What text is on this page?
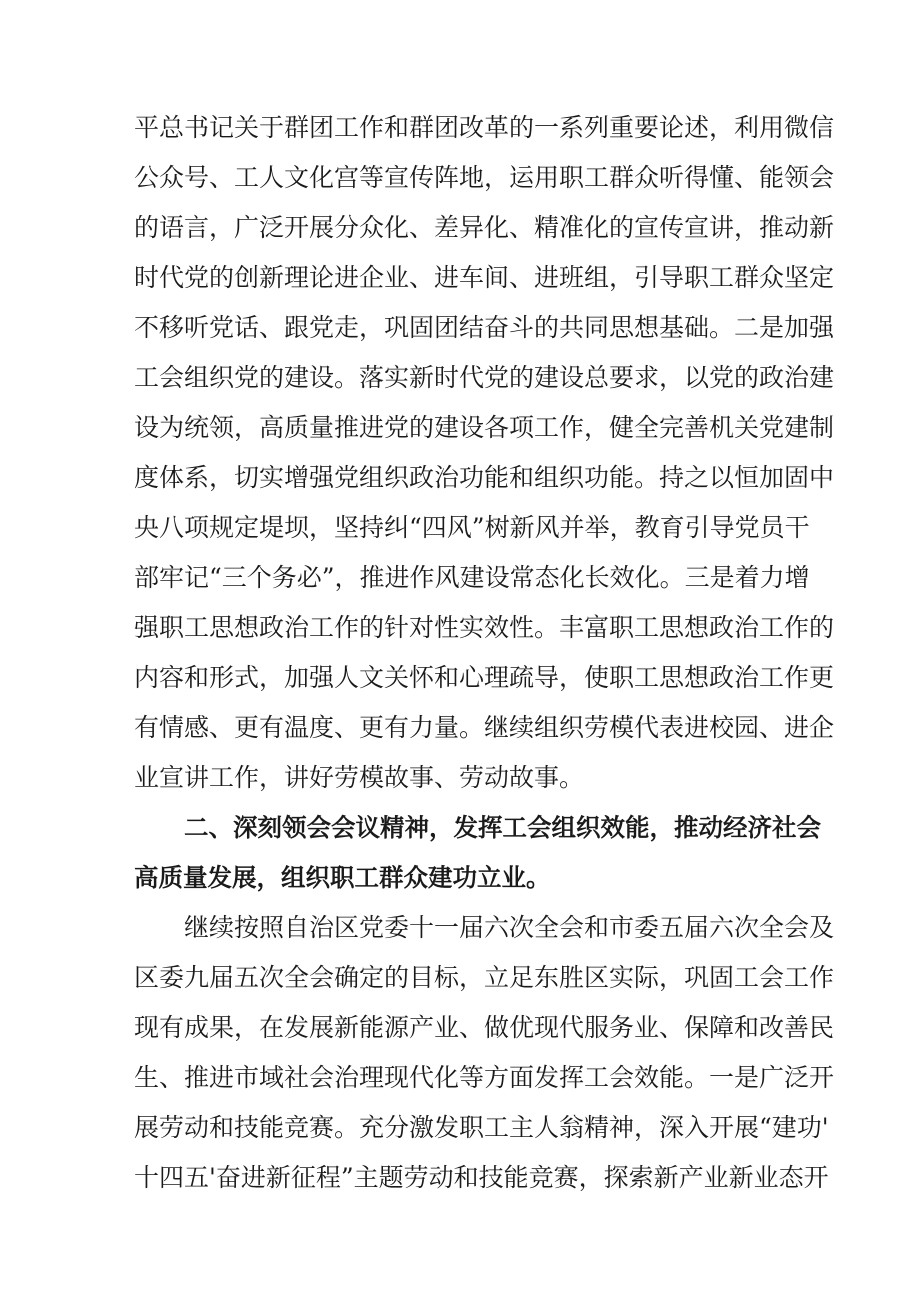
平总书记关于群团工作和群团改革的一系列重要论述，利用微信
公众号、工人文化宫等宣传阵地，运用职工群众听得懂、能领会
的语言，广泛开展分众化、差异化、精准化的宣传宣讲，推动新
时代党的创新理论进企业、进车间、进班组，引导职工群众坚定
不移听党话、跟党走，巩固团结奋斗的共同思想基础。二是加强
工会组织党的建设。落实新时代党的建设总要求，以党的政治建
设为统领，高质量推进党的建设各项工作，健全完善机关党建制
度体系，切实增强党组织政治功能和组织功能。持之以恒加固中
央八项规定堤坝，坚持纠“四风”树新风并举，教育引导党员干
部牢记“三个务必”，推进作风建设常态化长效化。三是着力增
强职工思想政治工作的针对性实效性。丰富职工思想政治工作的
内容和形式，加强人文关怀和心理疏导，使职工思想政治工作更
有情感、更有温度、更有力量。继续组织劳模代表进校园、进企
业宣讲工作，讲好劳模故事、劳动故事。
二、深刻领会会议精神，发挥工会组织效能，推动经济社会
高质量发展，组织职工群众建功立业。
继续按照自治区党委十一届六次全会和市委五届六次全会及
区委九届五次全会确定的目标，立足东胜区实际，巩固工会工作
现有成果，在发展新能源产业、做优现代服务业、保障和改善民
生、推进市域社会治理现代化等方面发挥工会效能。一是广泛开
展劳动和技能竞赛。充分激发职工主人翁精神，深入开展“建功'
十四五'奋进新征程”主题劳动和技能竞赛，探索新产业新业态开
